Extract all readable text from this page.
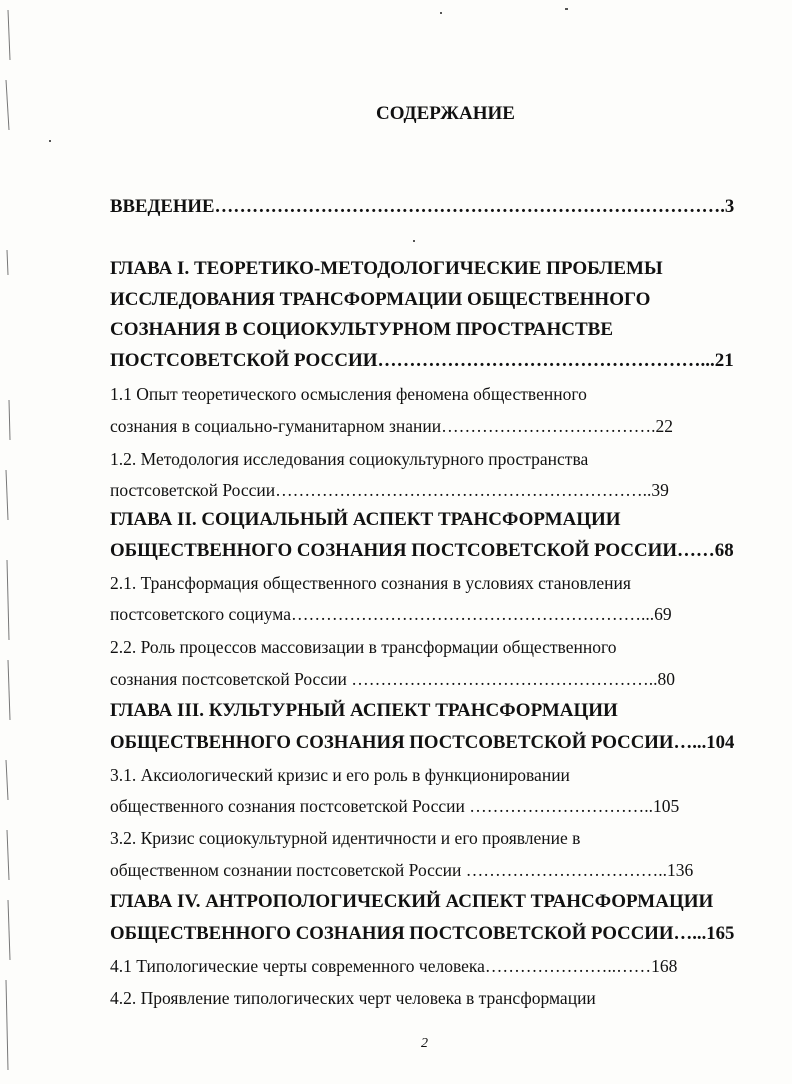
СОДЕРЖАНИЕ
ВВЕДЕНИЕ……………………………………………………………………….3
ГЛАВА I. ТЕОРЕТИКО-МЕТОДОЛОГИЧЕСКИЕ ПРОБЛЕМЫ
ИССЛЕДОВАНИЯ ТРАНСФОРМАЦИИ ОБЩЕСТВЕННОГО
СОЗНАНИЯ В СОЦИОКУЛЬТУРНОМ ПРОСТРАНСТВЕ
ПОСТСОВЕТСКОЙ РОССИИ……………………………………………...21
1.1 Опыт теоретического осмысления феномена общественного
сознания в социально-гуманитарном знании……………………………….22
1.2. Методология исследования социокультурного пространства
постсоветской России………………………………………………………..39
ГЛАВА II. СОЦИАЛЬНЫЙ АСПЕКТ ТРАНСФОРМАЦИИ
ОБЩЕСТВЕННОГО СОЗНАНИЯ ПОСТСОВЕТСКОЙ РОССИИ……68
2.1. Трансформация общественного сознания в условиях становления
постсоветского социума……………………………………………………...69
2.2. Роль процессов массовизации в трансформации общественного
сознания постсоветской России ……………………………………………..80
ГЛАВА III. КУЛЬТУРНЫЙ АСПЕКТ ТРАНСФОРМАЦИИ
ОБЩЕСТВЕННОГО СОЗНАНИЯ ПОСТСОВЕТСКОЙ РОССИИ…...104
3.1. Аксиологический кризис и его роль в функционировании
общественного сознания постсоветской России …………………………..105
3.2. Кризис социокультурной идентичности и его проявление в
общественном сознании постсоветской России ……………………………..136
ГЛАВА IV. АНТРОПОЛОГИЧЕСКИЙ АСПЕКТ ТРАНСФОРМАЦИИ
ОБЩЕСТВЕННОГО СОЗНАНИЯ ПОСТСОВЕТСКОЙ РОССИИ…...165
4.1 Типологические черты современного человека…………………..……168
4.2. Проявление типологических черт человека в трансформации
2
